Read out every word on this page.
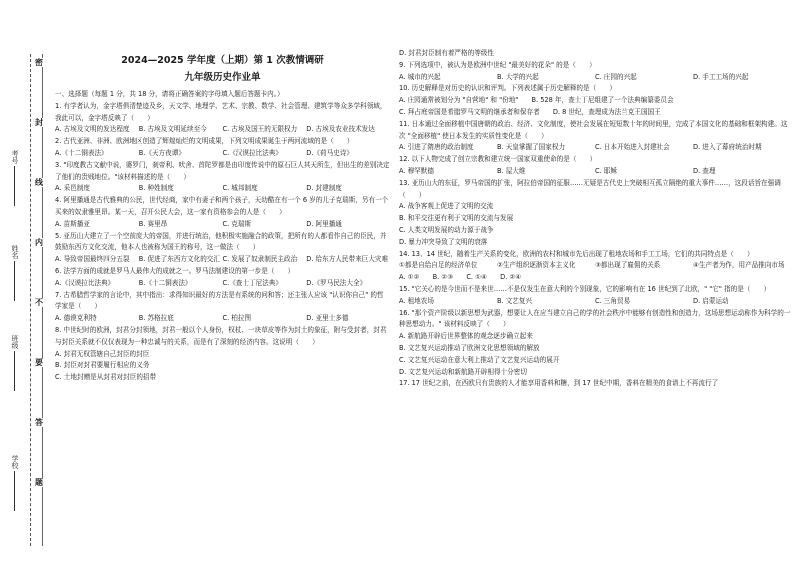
密
封
线
内
不
要
答
题
考号
姓名
班级
学校
2024—2025 学年度（上期）第 1 次教情调研
九年级历史作业单
一、选择题（每题 1 分，共 18 分，请将正确答案的字母填入题后答题卡内。）
1. 有学者认为，金字塔俱清楚迹及乡，天文学、地理学、艺术、宗教、数学、社会管理、建筑学等众多学科领域，我此可以，金字塔反映了（　　）
A. 古埃及文明的发达程度	B. 古埃及文明延续至今	C. 古埃及国王的无限权力	D. 古埃及农业技术发达
2. 古代亚洲、非洲、欧洲地区创造了辉煌灿烂的文明成果，下列文明成果诞生于两河流域的是（　　）
A.《十二铜表法》	B.《天方夜谭》	C.《汉谟拉比法典》	D.《荷马史诗》
3. "印度教古文献中说，婆罗门，刹帝利、吠舍、首陀罗都是由印度传说中的原石巨人其天所生，但出生的差别决定了他们的贵贱地位。"该材料描述的是（　　）
A. 采邑制度	B. 种姓制度	C. 城邦制度	D. 封建制度
4. 阿里播通是古代雅典的公民，世代经商，家中有妻子和两个孩子，天幼酷在有一个 6 岁的儿子克瑞斯，另有一个买来的奴隶雅里昂。某一天，召开公民大会，这一家有资格参会的人是（　　）
A. 苗斯播亚	B. 赛里昂	C. 克瑞斯	D. 阿里播通
5. 亚历山大建立了一个空前庞大的帝国，并进行统治，他积极实施融合的政策，把所有的人都看作自己的臣民，并鼓励东西方文化交流，他本人也被称为国王的称号，这一做法（　　）
A. 导致帝国最终四分五裂	B. 促进了东西方文化的交汇 C. 发展了奴隶制民主政治	D. 给东方人民带来巨大灾难
6. 法学方面的成就是罗马人最伟大的成就之一。罗马法制建设的第一步是（　　）
A.《汉谟拉比法典》	B.《十二铜表法》	C.《查士丁尼法典》	D.《罗马民法大全》
7. 古希腊哲学家的言论中，其中指出：求得知识最好的方法是有系统的问和答；还主张人应该 "认识你自己" 的哲学家是（　　）
A. 德谟克利特	B. 苏格拉底	C. 柏拉图	D. 亚里士多德
8. 中世纪时的欧洲，封君分封领地，封君一般以个人身份，权杖、一块草皮等作为封土的象征，附与受封者，封君与封臣关系就不仅仅表现为一种忠诚与的关系，而是有了深刻的经济内容。这说明（　　）
A. 封君无权管辖自己封臣的封臣
B. 封臣对封君要履行相应的义务
C. 土地封赠是从封君对封臣的招带
D. 封君封臣制有着严格的等级性
9. 下列选项中，被认为是欧洲中世纪 "最美好的花朵" 的是（　　）
A. 城市的兴起	B. 大学的兴起	C. 庄园的兴起	D. 手工工场的兴起
10. 历史解释是对历史的认识和评判。下列表述属于历史解释的是（　　）
A. 庄园通常被划分为 "自营地" 和 "份地"　　B. 528 年，查士丁尼组建了一个法典编纂委员会
C. 拜占庭帝国是希腊罗马文明的继承者和保存者　　D. 8 世纪，查理成为法兰克王国国王
11. 日本通过全面移植中国唐朝的政治、经济、文化制度，使社会发展在短短数十年的时间里，完成了本国文化的基础和框架构建。这次 "全面移植" 使日本发生的实质性变化是（　　）
A. 引进了隋唐的政治制度	B. 天皇掌握了国家权力	C. 日本开始进入封建社会	D. 进入了幕府统治时期
12. 以下人物完成了创立宗教和建立统一国家双重使命的是（　　）
A. 穆罕默德	B. 屋大维	C. 耶稣	D. 查理
13. 亚历山大的东征，罗马帝国的扩张，阿拉伯帝国的征服……无疑是古代史上突破相互孤立隔绝的重大事件……，这段话旨在强调（　　）
A. 战争客观上促进了文明的交流
B. 和平交往更有利于文明的交流与发展
C. 人类文明发展的动力源于战争
D. 暴力冲突导致了文明的衰落
14. 13、14 世纪，随着生产关系的变化，欧洲的农村和城市先后出现了租地农场和手工工场，它们的共同特点是（　　）
①都是自给自足的经济单位	②生产组织逐渐资本主义化	③都出现了雇佣的关系	④生产者为作，用产品推向市场
A. ①②　　B. ②③　　C. ①④　　D. ②④
15. "它关心的是今世而不是来世……不是仅发生在意大利的个别现象，它的影响有在 16 世纪到了北欧，" "它" 指的是（　　）
A. 租地农场	B. 文艺复兴	C. 三角贸易	D. 启蒙运动
16. "那个资产阶级以新思想为武器，想要让人在应当建立自己的学的社会秩序中能够有创造性和创造力，这场思想运动称作为科学的一种思想动力。" 该材料反映了（　　）
A. 新航路开辟后世界整体的观念逐步确立起来
B. 文艺复兴运动推动了欧洲文化思想领域的解放
C. 文艺复兴运动在意大利上推动了文艺复兴运动的展开
D. 文艺复兴运动和新航路开辟相得十分密切
17. 17 世纪之前，在西欧只有贵族的人才能享用香料和糖，到 17 世纪中期，香料在精美的食谱上不再流行了
